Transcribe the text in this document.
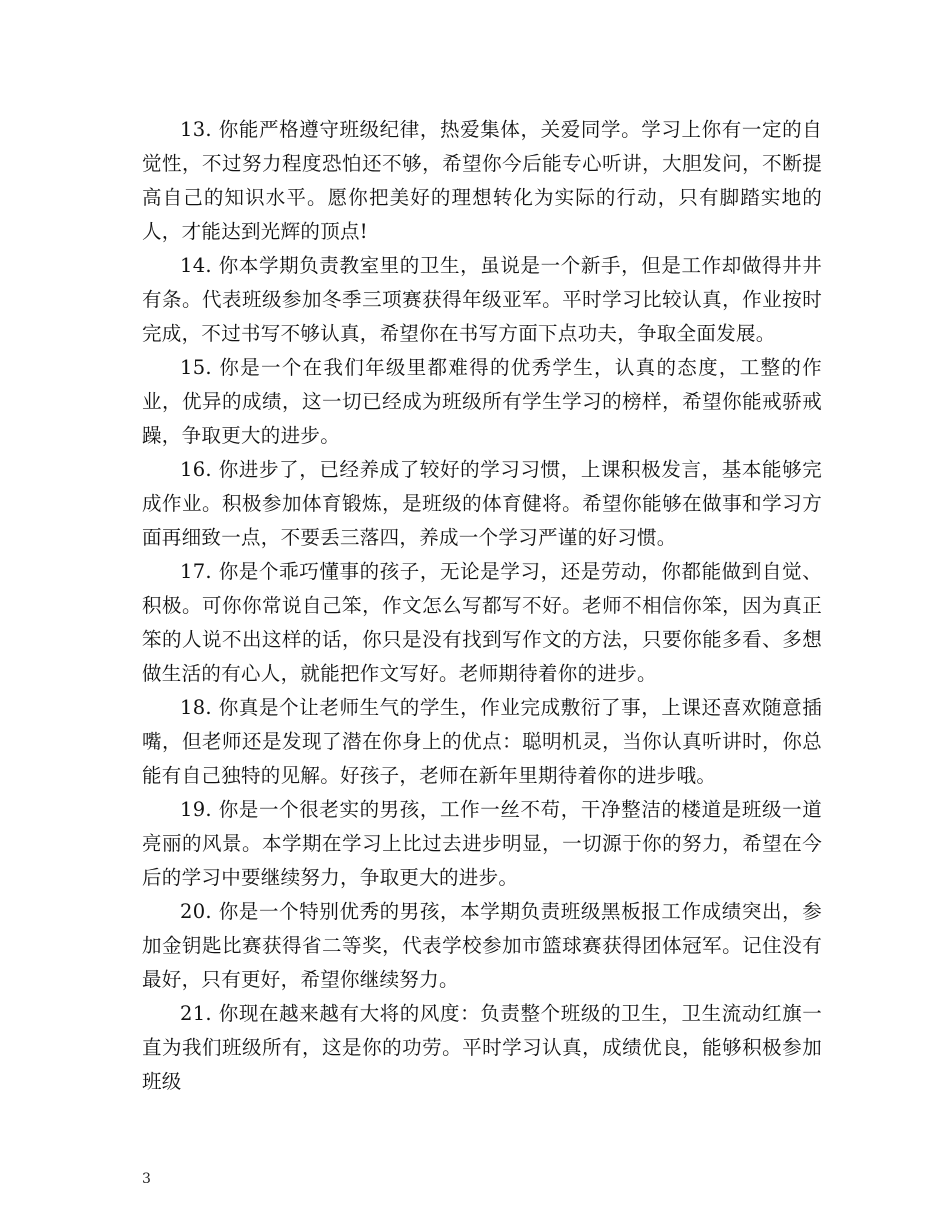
13. 你能严格遵守班级纪律，热爱集体，关爱同学。学习上你有一定的自觉性，不过努力程度恐怕还不够，希望你今后能专心听讲，大胆发问，不断提高自己的知识水平。愿你把美好的理想转化为实际的行动，只有脚踏实地的人，才能达到光辉的顶点!

14. 你本学期负责教室里的卫生，虽说是一个新手，但是工作却做得井井有条。代表班级参加冬季三项赛获得年级亚军。平时学习比较认真，作业按时完成，不过书写不够认真，希望你在书写方面下点功夫，争取全面发展。

15. 你是一个在我们年级里都难得的优秀学生，认真的态度，工整的作业，优异的成绩，这一切已经成为班级所有学生学习的榜样，希望你能戒骄戒躁，争取更大的进步。

16. 你进步了，已经养成了较好的学习习惯，上课积极发言，基本能够完成作业。积极参加体育锻炼，是班级的体育健将。希望你能够在做事和学习方面再细致一点，不要丢三落四，养成一个学习严谨的好习惯。

17. 你是个乖巧懂事的孩子，无论是学习，还是劳动，你都能做到自觉、积极。可你你常说自己笨，作文怎么写都写不好。老师不相信你笨，因为真正笨的人说不出这样的话，你只是没有找到写作文的方法，只要你能多看、多想做生活的有心人，就能把作文写好。老师期待着你的进步。

18. 你真是个让老师生气的学生，作业完成敷衍了事，上课还喜欢随意插嘴，但老师还是发现了潜在你身上的优点：聪明机灵，当你认真听讲时，你总能有自己独特的见解。好孩子，老师在新年里期待着你的进步哦。

19. 你是一个很老实的男孩，工作一丝不苟，干净整洁的楼道是班级一道亮丽的风景。本学期在学习上比过去进步明显，一切源于你的努力，希望在今后的学习中要继续努力，争取更大的进步。

20. 你是一个特别优秀的男孩，本学期负责班级黑板报工作成绩突出，参加金钥匙比赛获得省二等奖，代表学校参加市篮球赛获得团体冠军。记住没有最好，只有更好，希望你继续努力。

21. 你现在越来越有大将的风度：负责整个班级的卫生，卫生流动红旗一直为我们班级所有，这是你的功劳。平时学习认真，成绩优良，能够积极参加班级

3
